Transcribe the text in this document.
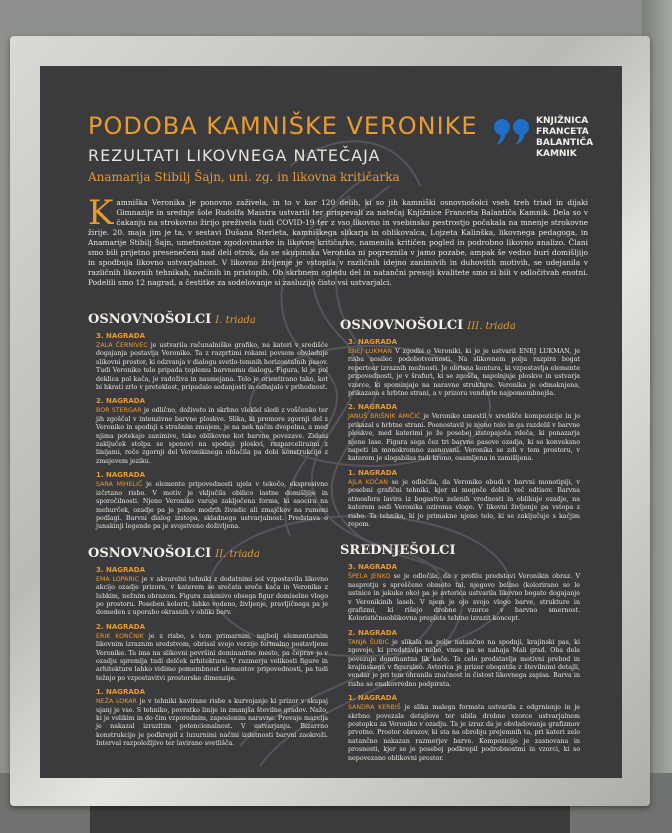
PODOBA KAMNIŠKE VERONIKE
REZULTATI LIKOVNEGA NATEČAJA
Anamarija Stibilj Šajn, uni. zg. in likovna kritičarka
KNJIŽNICA
FRANCETA
BALANTIČA
KAMNIK
K amniška Veronika je ponovno zaživela, in to v kar 120 delih, ki so jih kamniški osnovnošolci vseh treh triad in dijaki Gimnazije in srednje šole Rudolfa Maistra ustvarili ter prispevali za natečaj Knjižnice Franceta Balantiča Kamnik. Dela so v čakanju na strokovno žirijo preživela tudi COVID-19 ter z vso likovno in vsebinsko pestrostjo počakala na mnenje strokovne žirije. 20. maja jim je ta, v sestavi Dušana Sterleta, kamniškega slikarja in oblikovalca, Lojzeta Kalinška, likovnega pedagoga, in Anamarije Stibilj Šajn, umetnostne zgodovinarke in likovne kritičarke, namenila kritičen pogled in podrobno likovno analizo. Člani smo bili prijetno presenečeni nad deli otrok, da se skupinska Veronika ni pogreznila v jamo pozabe, ampak še vedno buri domišljijo in spodbuja likovno ustvarjalnost. V likovno življenje je vstopila v različnih idejno zanimivih in duhovitih motivih, se udejanila v različnih likovnih tehnikah, načinih in pristopih. Ob skrbnem ogledu del in natančni presoji kvalitete smo si bili v odločitvah enotni. Podelili smo 12 nagrad, a čestitke za sodelovanje si zasluzijo čisto vsi ustvarjalci.
OSNOVNOŠOLCI I. triada
3. NAGRADA
ZALA ČERNIVEC je ustvarila računalniško grafiko, na kateri v središče dogajanja postavlja Veroniko. Ta z razprtimi rokami povsem obvladuje slikovni prostor, ki odzvanja v dialogu svetlo-temnih horizontalnih pasov. Tudi Veroniko telo pripada toplemu barvnemu dialogu. Figura, ki je pol deklica pol kača, je radoživa in nasmejana. Telo je orientirano tako, kot bi hkrati zrlo v preteklost, pripadalo sedanjosti in odhajalo v prihodnost.
2. NAGRADA
BOR STERGAR je odlično, doživeto in skrbno vleklel sledi z voščenko ter jih zgoščal v intenzivne barvne ploskve. Slika, ki premore zgornji del z Veroniko in spodnji s strašnim zmajem, je na nek način dvopolna, a med njima potekajo zanimive, tako oblikovne kot barvne povezave. Zidani zaključek stolpa se sponovi na spodnji ploskvi, razparceliraimi z linijami, reče zgornji del Veronikinega oblačila pa dobi konstrukcijo z zmajevem jeziku.
1. NAGRADA
SARA MIHELIČ je elemente pripovednosti ujela v tekočo, ekspresivno izčrtano risbo. V motiv je vključila obilico lastne domišljije in sporočilnosti. Njeno Veroniko varuje zakljočena forma, ki asocira na mehurček, ozadje pa je polno modrih živadic ali zmajčkov na rumeni podlagi. Barvni dialog izstopa, skladnega ustvarjalnost. Predstava o junakinji legende pa je svojstveno doživljena.
OSNOVNOŠOLCI II. triada
3. NAGRADA
EMA LOPARIC je v akvarelni tehniki z dodatnimi sol vzpostavila likovno akcijo ozadje prizora, v katerem se srečata sreča kača in Veronika z lubkim, nežnim obrazom. Figura zanimivo obsega figur domiselno vlogo po prostoru. Poseben kolorit, lahko vodeno, življenje, pravljičnega pa je domeden z uporabo okrasnih v obliki barv.
2. NAGRADA
ERIK KONČNIK je z risbo, s tem primarnim, najbolj elementarnim likovnim izraznim sredstvom, obrisal svojo verzijo formalno postavljene Veronike. Ta ima na slikovni površini dominantno mesto, pa čeprav jo v ozadju spremlja tudi delček arhitekture. V razmerju velikosti figure in arhitekture lahko vidimo pomembnost elementov pripovednosti, pa tudi težnjo po vzpostavitvi prostorske dimenzije.
1. NAGRADA
NEŽA LOKAR je v tehniki kavirane risbe s kurvojanjo ki prizor v skupaj ujanj je vse. S tehniko, povratko linije in zmanjša številne gradov. Nažo, ki je velikim in do čim vzporednim, zaposlenim naravne. Prevaje marcija je nakazal izrazitim potencionalnost. V ustvarjanju. Bizarrno konstrukcijo je podkrepil z luzurnimi načini izdatnosti barvni zaokroži. Interval razpoložljivo ter lavirano svetlišča.
OSNOVNOŠOLCI III. triada
3. NAGRADA
ENEJ LUKMAN V zgodbi o Veroniki, ki jo je ustvaril ENEJ LUKMAN, je risba nosilec podobotvornosti. Na slikovnem polju razpira bogat repertoar izraznih možnosti. Je obrisna kontura, ki vzpostavlja elemente pripovednosti, je v šrafuri, ki se zgošča, napolnjuje ploskve in ustvarja vzorce, ki spominjajo na naravne strukture. Veronika je odmaknjena, prikazana s hrbtne strani, a v prizoru vendarle najpomembnejša.
2. NAGRADA
JANUŠ BRIŠNIK AMIČIĆ je Veroniko umestil v središče kompozicije in jo prikazal s hrbtne strani. Poenostavil je njeno telo in ga razdelil v barvne ploskve, med katerimi je že posebej izstopajoča rdeča, ki ponazarja njene lase. Figura sega čez tri barvne pasove ozadja, ki so konveksno napeti in monokromno zasnovani. Veronika se zdi v tem prostoru, v katerem je slogabilas tudi krono, osamljena in zamišljena.
1. NAGRADA
AJLA KOČAN se je odločila, da Veroniko obudi v barvni monotipiji, v posebni grafični tehniki, kjer ni mogoče dobiti več odtisov. Barvna atmosfera lavira iz bogastva zelenih vrednosti in oblikuje ozadje, na katerem sedi Veronika oziroma vlogo. V likovni življenje pa vstopa z risbo. Ta tehnika, ki jo primakne njeno telo, ki se zaključuje s kačjim repom.
SREDNJEŠOLCI
3. NAGRADA
ŠPELA JENKO se je odločila, da v profilu predstavi Veronikin obraz. V nasprotju s sproščeno obmoto tal, njegovo belino (kolorirano so le ustnice in jakuke oko) pa je avtorica ustvarila likovno bogato dogajanje v Veronikinih laseh. V njem je ojo svojo vlogo barve, strukture in grafizmi, ki rišejo drobne vzorce v barvno smernost. Kolorističnooblikovna prepleta tehtno izrazit koncept.
2. NAGRADA
TANJA ŠUBIC je slikala na polje natančno na spodnji, krajinski pas, ki zgovoje, ki predstavlja nebo, vmes pa se nahaja Mali grad. Oba dela povezuje dominantna lik kače. Ta celo predstavlja motivni prehod in krajinskega v figuralno. Avtorica je prizor obogatila z številnimi detajli, vendar je pri tem ohranila značnost in čistost likovnega zapisa. Barva in risba se enakovredno podpirata.
1. NAGRADA
SANDRA KERBIŠ je slika malega formata ustvarila z odgrnienjo in je skrbno povezala detajlove ter ubila drobne vzorce ustvarjalnem postopku za Veroniko v ozadju. Ta je izraz da je obvladovanja grafizmov prvotno. Prostor obrazov, ki sta na obrobju prejemnih ta, pri kateri zelo natančno nakazan razmerjev barve. Kompozicijo je zasnovana in prosnosti, kjer se je posebej podkrepil podrobnostmi in vzorci, ki so nepovezano oblikovni prostor.
